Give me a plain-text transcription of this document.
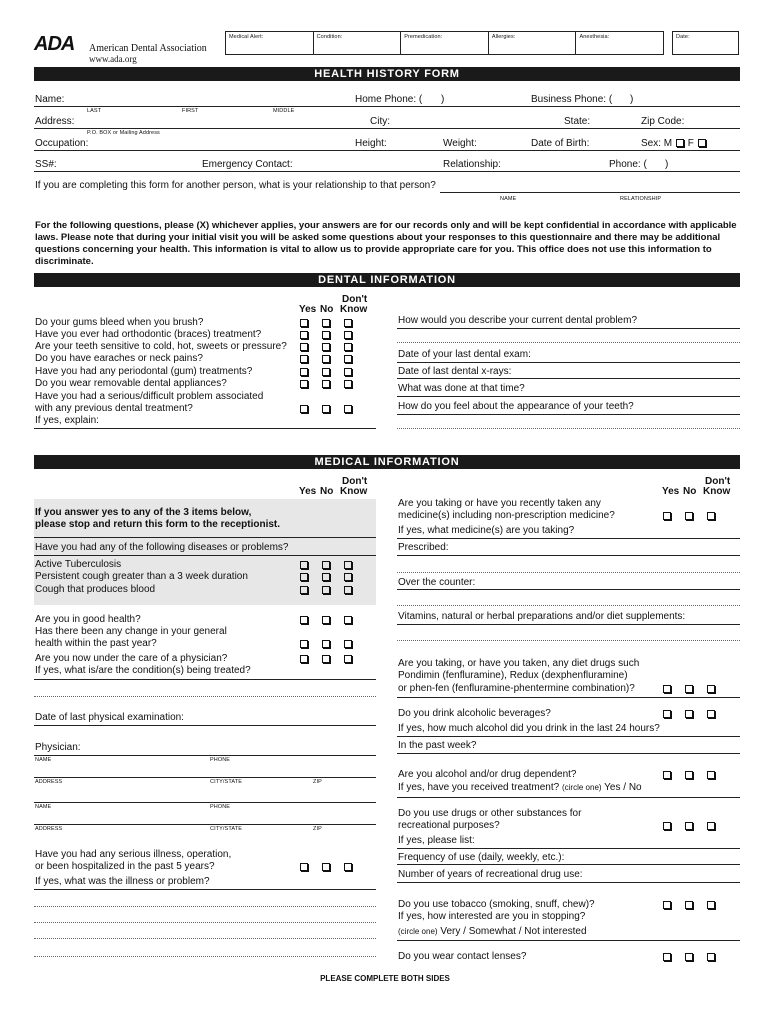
ADA American Dental Association
www.ada.org
Medical Alert:	Condition:	Premedication:	Allergies:	Anesthesia:	Date:
HEALTH HISTORY FORM
Name:	Home Phone: ( )	Business Phone: ( )
LAST	FIRST	MIDDLE
Address:	City:	State:	Zip Code:
P.O. BOX or Mailing Address
Occupation:	Height:	Weight:	Date of Birth:	Sex: M F
SS#:	Emergency Contact:	Relationship:	Phone: ( )
If you are completing this form for another person, what is your relationship to that person?
NAME	RELATIONSHIP
For the following questions, please (X) whichever applies, your answers are for our records only and will be kept confidential in accordance with applicable laws. Please note that during your initial visit you will be asked some questions about your responses to this questionnaire and there may be additional questions concerning your health. This information is vital to allow us to provide appropriate care for you. This office does not use this information to discriminate.
DENTAL INFORMATION
Don't
Yes No Know
Do your gums bleed when you brush?
Have you ever had orthodontic (braces) treatment?
Are your teeth sensitive to cold, hot, sweets or pressure?
Do you have earaches or neck pains?
Have you had any periodontal (gum) treatments?
Do you wear removable dental appliances?
Have you had a serious/difficult problem associated
with any previous dental treatment?
If yes, explain:
How would you describe your current dental problem?
Date of your last dental exam:
Date of last dental x-rays:
What was done at that time?
How do you feel about the appearance of your teeth?
MEDICAL INFORMATION
Don't
Yes No Know
Don't
Yes No Know
If you answer yes to any of the 3 items below,
please stop and return this form to the receptionist.
Have you had any of the following diseases or problems?
Active Tuberculosis
Persistent cough greater than a 3 week duration
Cough that produces blood
Are you in good health?
Has there been any change in your general
health within the past year?
Are you now under the care of a physician?
If yes, what is/are the condition(s) being treated?
Date of last physical examination:
Physician:
NAME	PHONE
ADDRESS	CITY/STATE	ZIP
NAME	PHONE
ADDRESS	CITY/STATE	ZIP
Have you had any serious illness, operation,
or been hospitalized in the past 5 years?
If yes, what was the illness or problem?
Are you taking or have you recently taken any
medicine(s) including non-prescription medicine?
If yes, what medicine(s) are you taking?
Prescribed:
Over the counter:
Vitamins, natural or herbal preparations and/or diet supplements:
Are you taking, or have you taken, any diet drugs such
Pondimin (fenfluramine), Redux (dexphenfluramine)
or phen-fen (fenfluramine-phentermine combination)?
Do you drink alcoholic beverages?
If yes, how much alcohol did you drink in the last 24 hours?
In the past week?
Are you alcohol and/or drug dependent?
If yes, have you received treatment? (circle one) Yes / No
Do you use drugs or other substances for
recreational purposes?
If yes, please list:
Frequency of use (daily, weekly, etc.):
Number of years of recreational drug use:
Do you use tobacco (smoking, snuff, chew)?
If yes, how interested are you in stopping?
(circle one) Very / Somewhat / Not interested
Do you wear contact lenses?
PLEASE COMPLETE BOTH SIDES
